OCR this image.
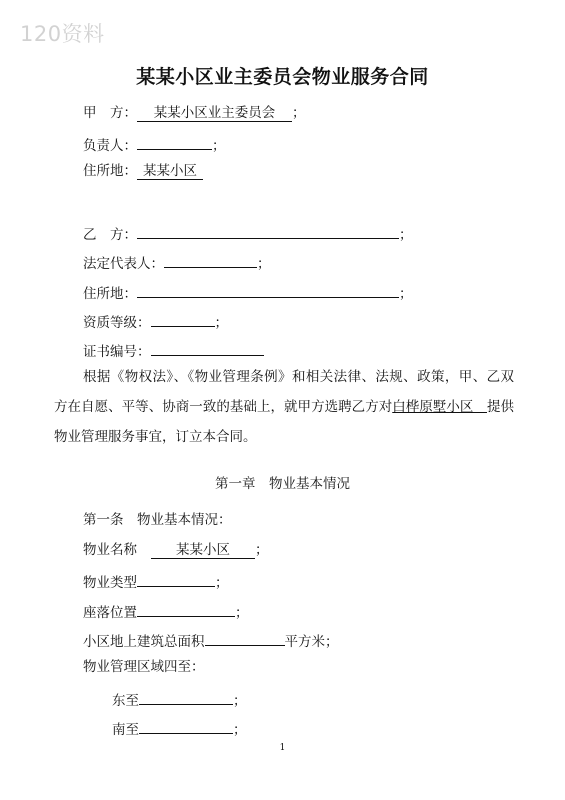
120资料
某某小区业主委员会物业服务合同
甲　方： 某某小区业主委员会 ；
负责人：	；
住所地： 某某小区
乙　方：	；
法定代表人：	；
住所地：	；
资质等级：	；
证书编号：
根据《物权法》、《物业管理条例》和相关法律、法规、政策，甲、乙双方在自愿、平等、协商一致的基础上，就甲方选聘乙方对白桦原墅小区　提供物业管理服务事宜，订立本合同。
第一章　物业基本情况
第一条　物业基本情况：
物业名称	某某小区 ；
物业类型	；
座落位置	；
小区地上建筑总面积	平方米；
物业管理区域四至：
东至	；
南至	；
1
